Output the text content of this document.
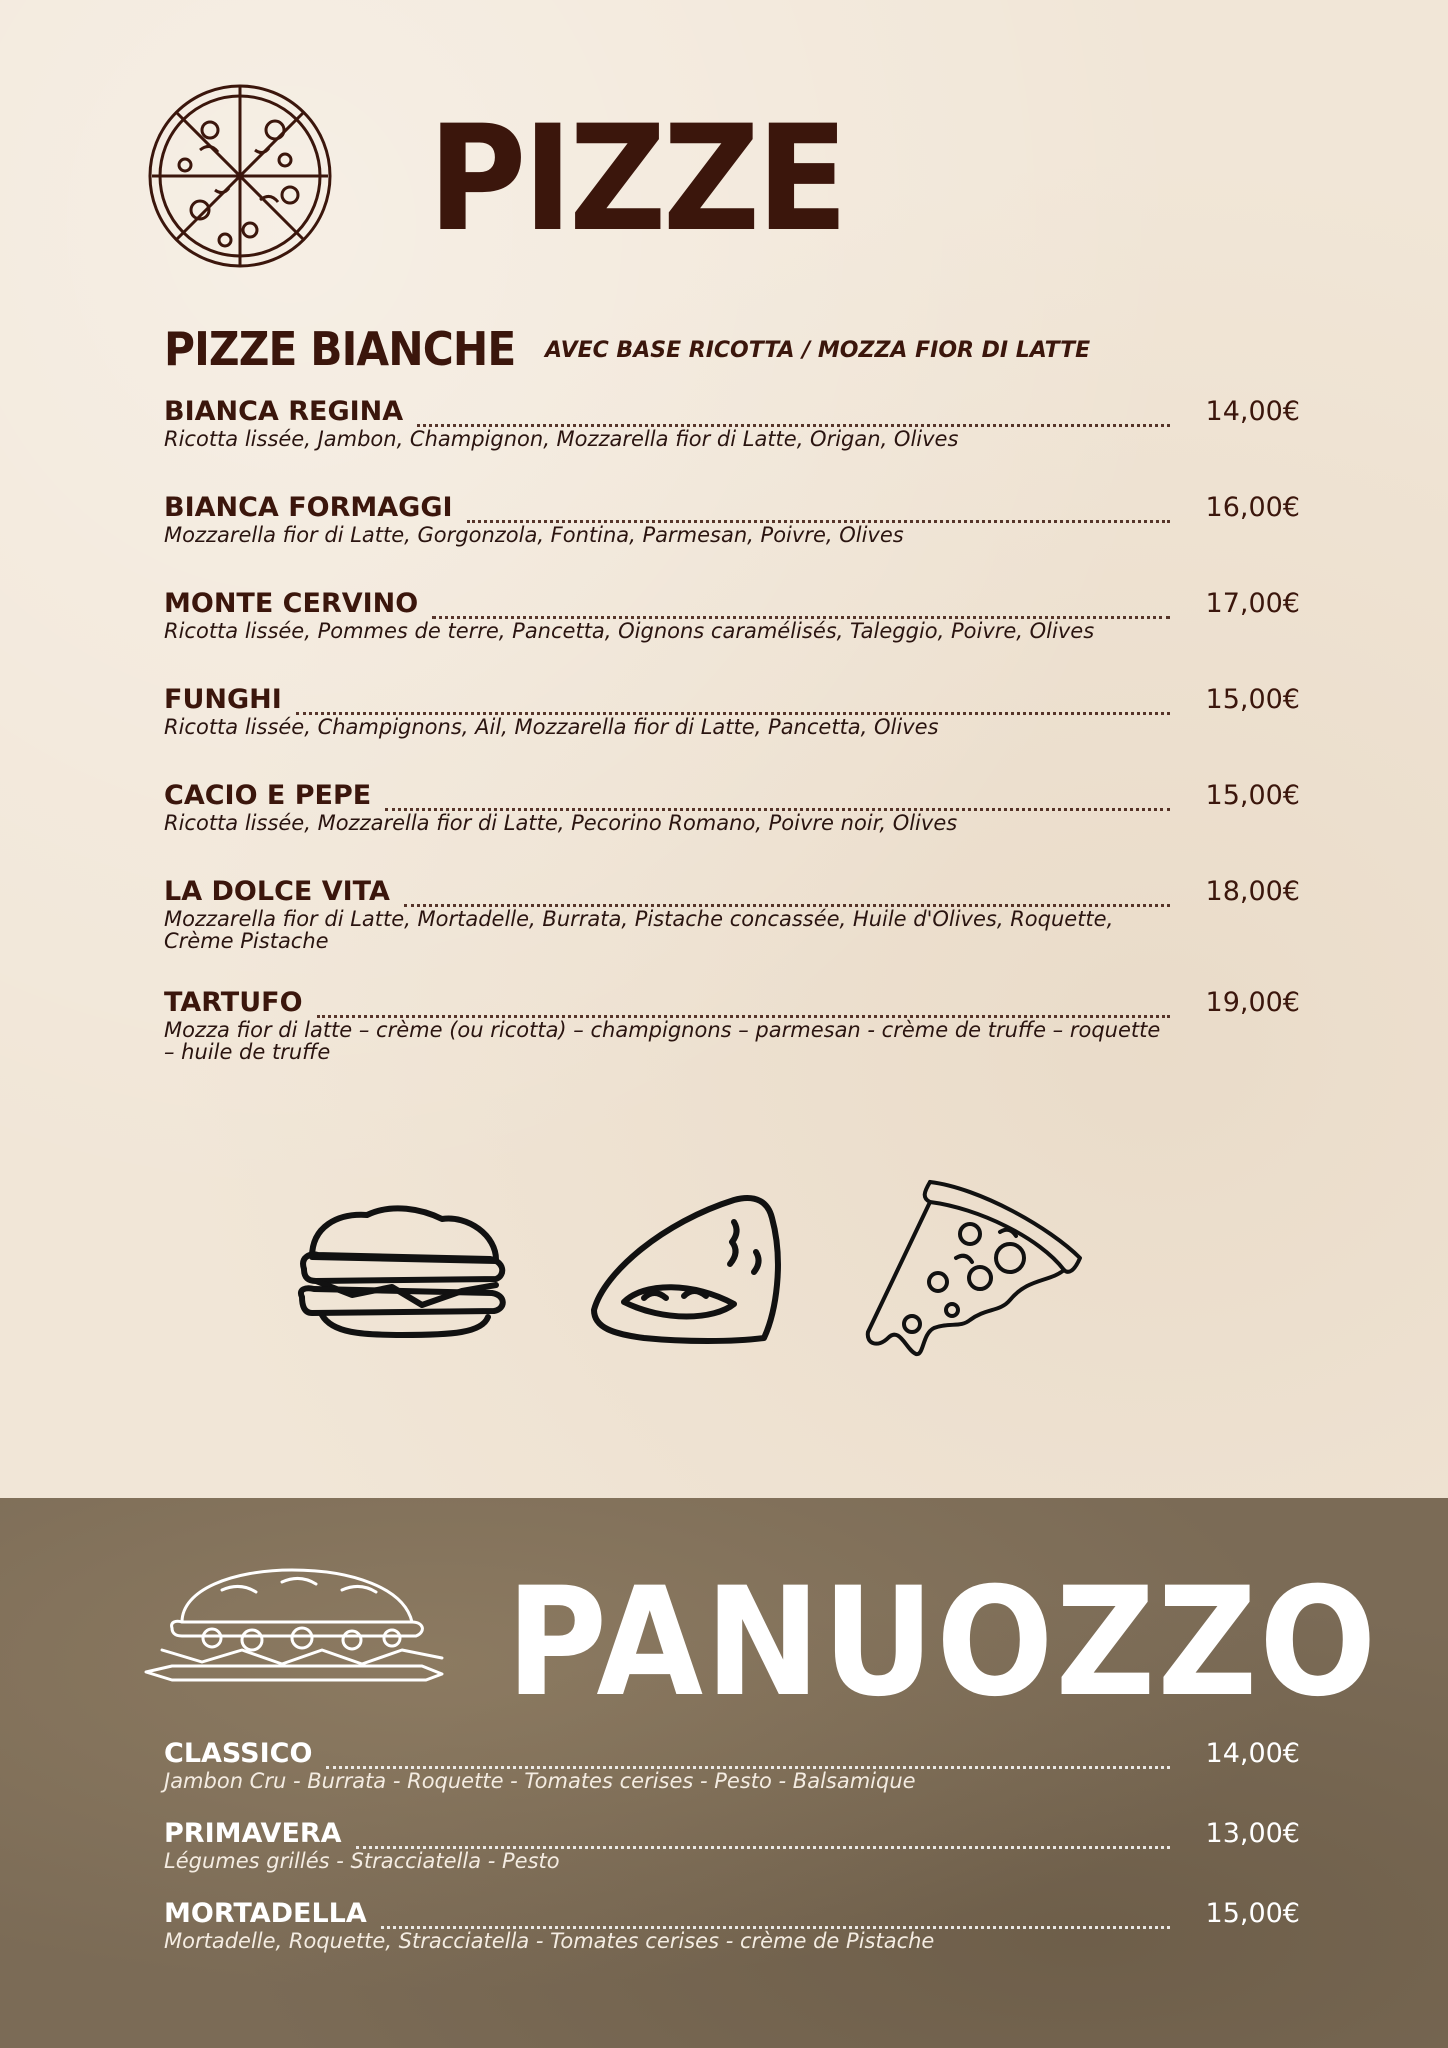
PIZZE
PIZZE BIANCHE AVEC BASE RICOTTA / MOZZA FIOR DI LATTE
BIANCA REGINA	14,00€
Ricotta lissée, Jambon, Champignon, Mozzarella fior di Latte, Origan, Olives
BIANCA FORMAGGI	16,00€
Mozzarella fior di Latte, Gorgonzola, Fontina, Parmesan, Poivre, Olives
MONTE CERVINO	17,00€
Ricotta lissée, Pommes de terre, Pancetta, Oignons caramélisés, Taleggio, Poivre, Olives
FUNGHI	15,00€
Ricotta lissée, Champignons, Ail, Mozzarella fior di Latte, Pancetta, Olives
CACIO E PEPE	15,00€
Ricotta lissée, Mozzarella fior di Latte, Pecorino Romano, Poivre noir, Olives
LA DOLCE VITA	18,00€
Mozzarella fior di Latte, Mortadelle, Burrata, Pistache concassée, Huile d'Olives, Roquette, Crème Pistache
TARTUFO	19,00€
Mozza fior di latte – crème (ou ricotta) – champignons – parmesan - crème de truffe – roquette – huile de truffe
PANUOZZO
CLASSICO	14,00€
Jambon Cru - Burrata - Roquette - Tomates cerises - Pesto - Balsamique
PRIMAVERA	13,00€
Légumes grillés - Stracciatella - Pesto
MORTADELLA	15,00€
Mortadelle, Roquette, Stracciatella - Tomates cerises - crème de Pistache
